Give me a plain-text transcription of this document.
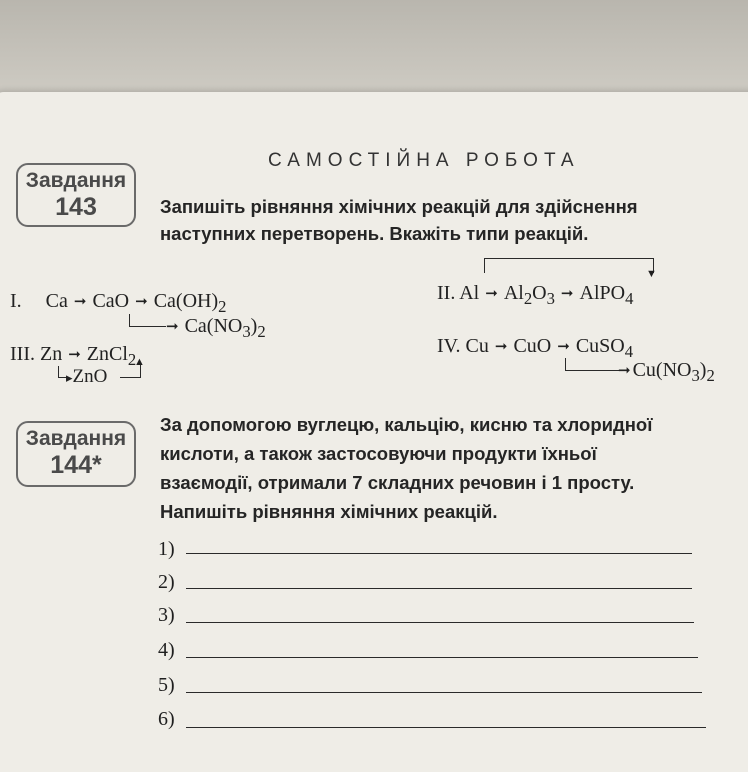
Завдання
143
САМОСТІЙНА РОБОТА
Запишіть рівняння хімічних реакцій для здійснення
наступних перетворень. Вкажіть типи реакцій.
I. Ca ➞ CaO ➞ $Ca(OH)_2$
➞ $Ca(NO_3)_2$
III. Zn ➞ ZnCl$_2$
▸ZnO
▲
▼
II. Al ➞ $Al_2O_3$ ➞ AlPO$_4$
IV. Cu ➞ CuO ➞ CuSO$_4$
➞ $Cu(NO_3)_2$
Завдання
144*
За допомогою вуглецю, кальцію, кисню та хлоридної
кислоти, а також застосовуючи продукти їхньої
взаємодії, отримали 7 складних речовин і 1 просту.
Напишіть рівняння хімічних реакцій.
1)
2)
3)
4)
5)
6)
